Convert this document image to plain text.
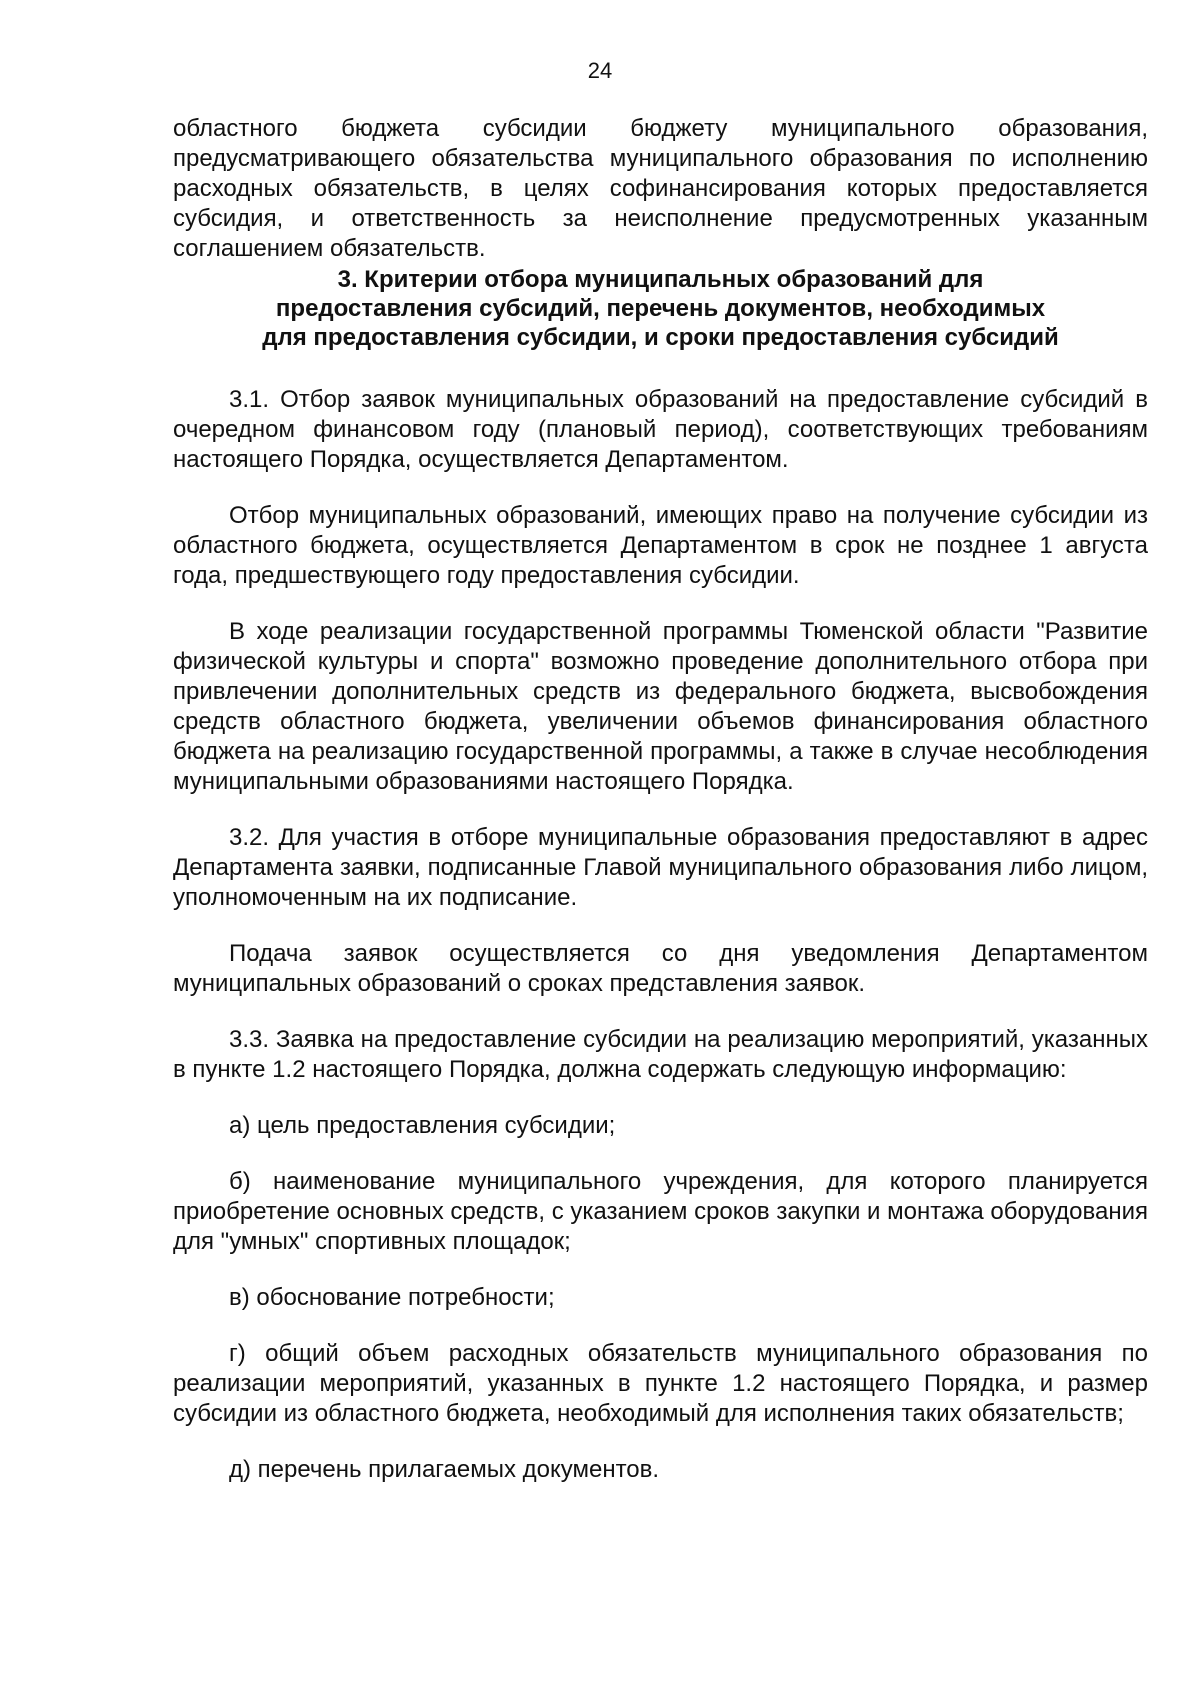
24

областного бюджета субсидии бюджету муниципального образования, предусматривающего обязательства муниципального образования по исполнению расходных обязательств, в целях софинансирования которых предоставляется субсидия, и ответственность за неисполнение предусмотренных указанным соглашением обязательств.

3. Критерии отбора муниципальных образований для предоставления субсидий, перечень документов, необходимых для предоставления субсидии, и сроки предоставления субсидий

3.1. Отбор заявок муниципальных образований на предоставление субсидий в очередном финансовом году (плановый период), соответствующих требованиям настоящего Порядка, осуществляется Департаментом.

Отбор муниципальных образований, имеющих право на получение субсидии из областного бюджета, осуществляется Департаментом в срок не позднее 1 августа года, предшествующего году предоставления субсидии.

В ходе реализации государственной программы Тюменской области "Развитие физической культуры и спорта" возможно проведение дополнительного отбора при привлечении дополнительных средств из федерального бюджета, высвобождения средств областного бюджета, увеличении объемов финансирования областного бюджета на реализацию государственной программы, а также в случае несоблюдения муниципальными образованиями настоящего Порядка.

3.2. Для участия в отборе муниципальные образования предоставляют в адрес Департамента заявки, подписанные Главой муниципального образования либо лицом, уполномоченным на их подписание.

Подача заявок осуществляется со дня уведомления Департаментом муниципальных образований о сроках представления заявок.

3.3. Заявка на предоставление субсидии на реализацию мероприятий, указанных в пункте 1.2 настоящего Порядка, должна содержать следующую информацию:

а) цель предоставления субсидии;

б) наименование муниципального учреждения, для которого планируется приобретение основных средств, с указанием сроков закупки и монтажа оборудования для "умных" спортивных площадок;

в) обоснование потребности;

г) общий объем расходных обязательств муниципального образования по реализации мероприятий, указанных в пункте 1.2 настоящего Порядка, и размер субсидии из областного бюджета, необходимый для исполнения таких обязательств;

д) перечень прилагаемых документов.
